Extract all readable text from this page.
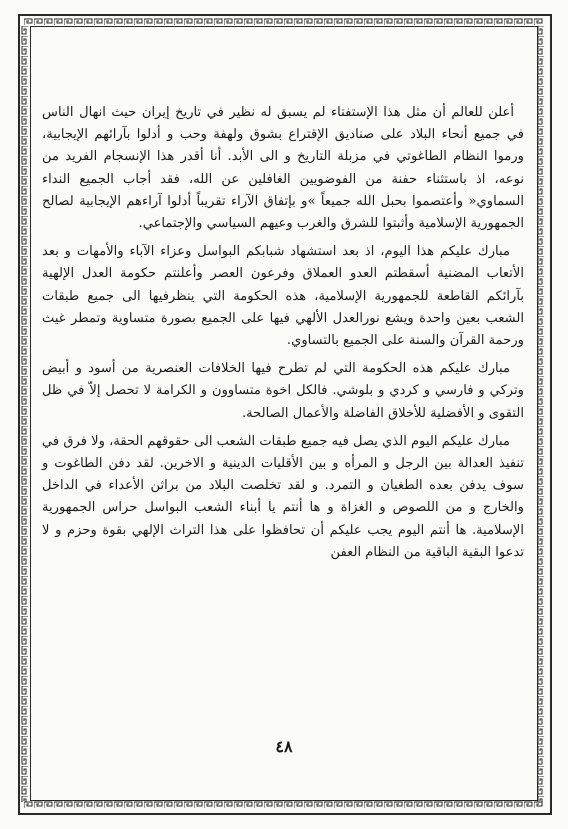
أعلن للعالم أن مثل هذا الإستفتاء لم يسبق له نظير في تاريخ إيران حيث انهال الناس في جميع أنحاء البلاد على صناديق الإقتراع بشوق ولهفة وحب و أدلوا بآرائهم الإيجابية، ورموا النظام الطاغوتي في مزبلة التاريخ و الى الأبد. أنا أقدر هذا الإنسجام الفريد من نوعه، اذ باستثناء حفنة من الفوضويين الغافلين عن الله، فقد أجاب الجميع النداء السماوي« وأعتصموا بحبل الله جميعاً »و بإتفاق الآراء تقريباً أدلوا آراءهم الإيجابية لصالح الجمهورية الإسلامية وأثبتوا للشرق والغرب وعيهم السياسي والإجتماعي.

مبارك عليكم هذا اليوم، اذ بعد استشهاد شبابكم البواسل وعزاء الآباء والأمهات و بعد الأتعاب المضنية أسقطتم العدو العملاق وفرعون العصر وأعلنتم حكومة العدل الإلهية بآرائكم القاطعة للجمهورية الإسلامية، هذه الحكومة التي ينظرفيها الى جميع طبقات الشعب بعين واحدة ويشع نورالعدل الألهي فيها على الجميع بصورة متساوية وتمطر غيث ورحمة القرآن والسنة على الجميع بالتساوي.

مبارك عليكم هذه الحكومة التي لم تطرح فيها الخلافات العنصرية من أسود و أبيض وتركي و فارسي و كردي و بلوشي. فالكل اخوة متساوون و الكرامة لا تحصل إلاّ في ظل التقوى و الأفضلية للأخلاق الفاضلة والأعمال الصالحة.

مبارك عليكم اليوم الذي يصل فيه جميع طبقات الشعب الى حقوقهم الحقة، ولا فرق في تنفيذ العدالة بين الرجل و المرأه و بين الأقليات الدينية و الاخرين. لقد دفن الطاغوت و سوف يدفن بعده الطغيان و التمرد. و لقد تخلصت البلاد من براثن الأعداء في الداخل والخارج و من اللصوص و الغزاة و ها أنتم يا أبناء الشعب البواسل حراس الجمهورية الإسلامية. ها أنتم اليوم يجب عليكم أن تحافظوا على هذا التراث الإلهي بقوة وحزم و لا تدعوا البقية الباقية من النظام العفن

٤٨
